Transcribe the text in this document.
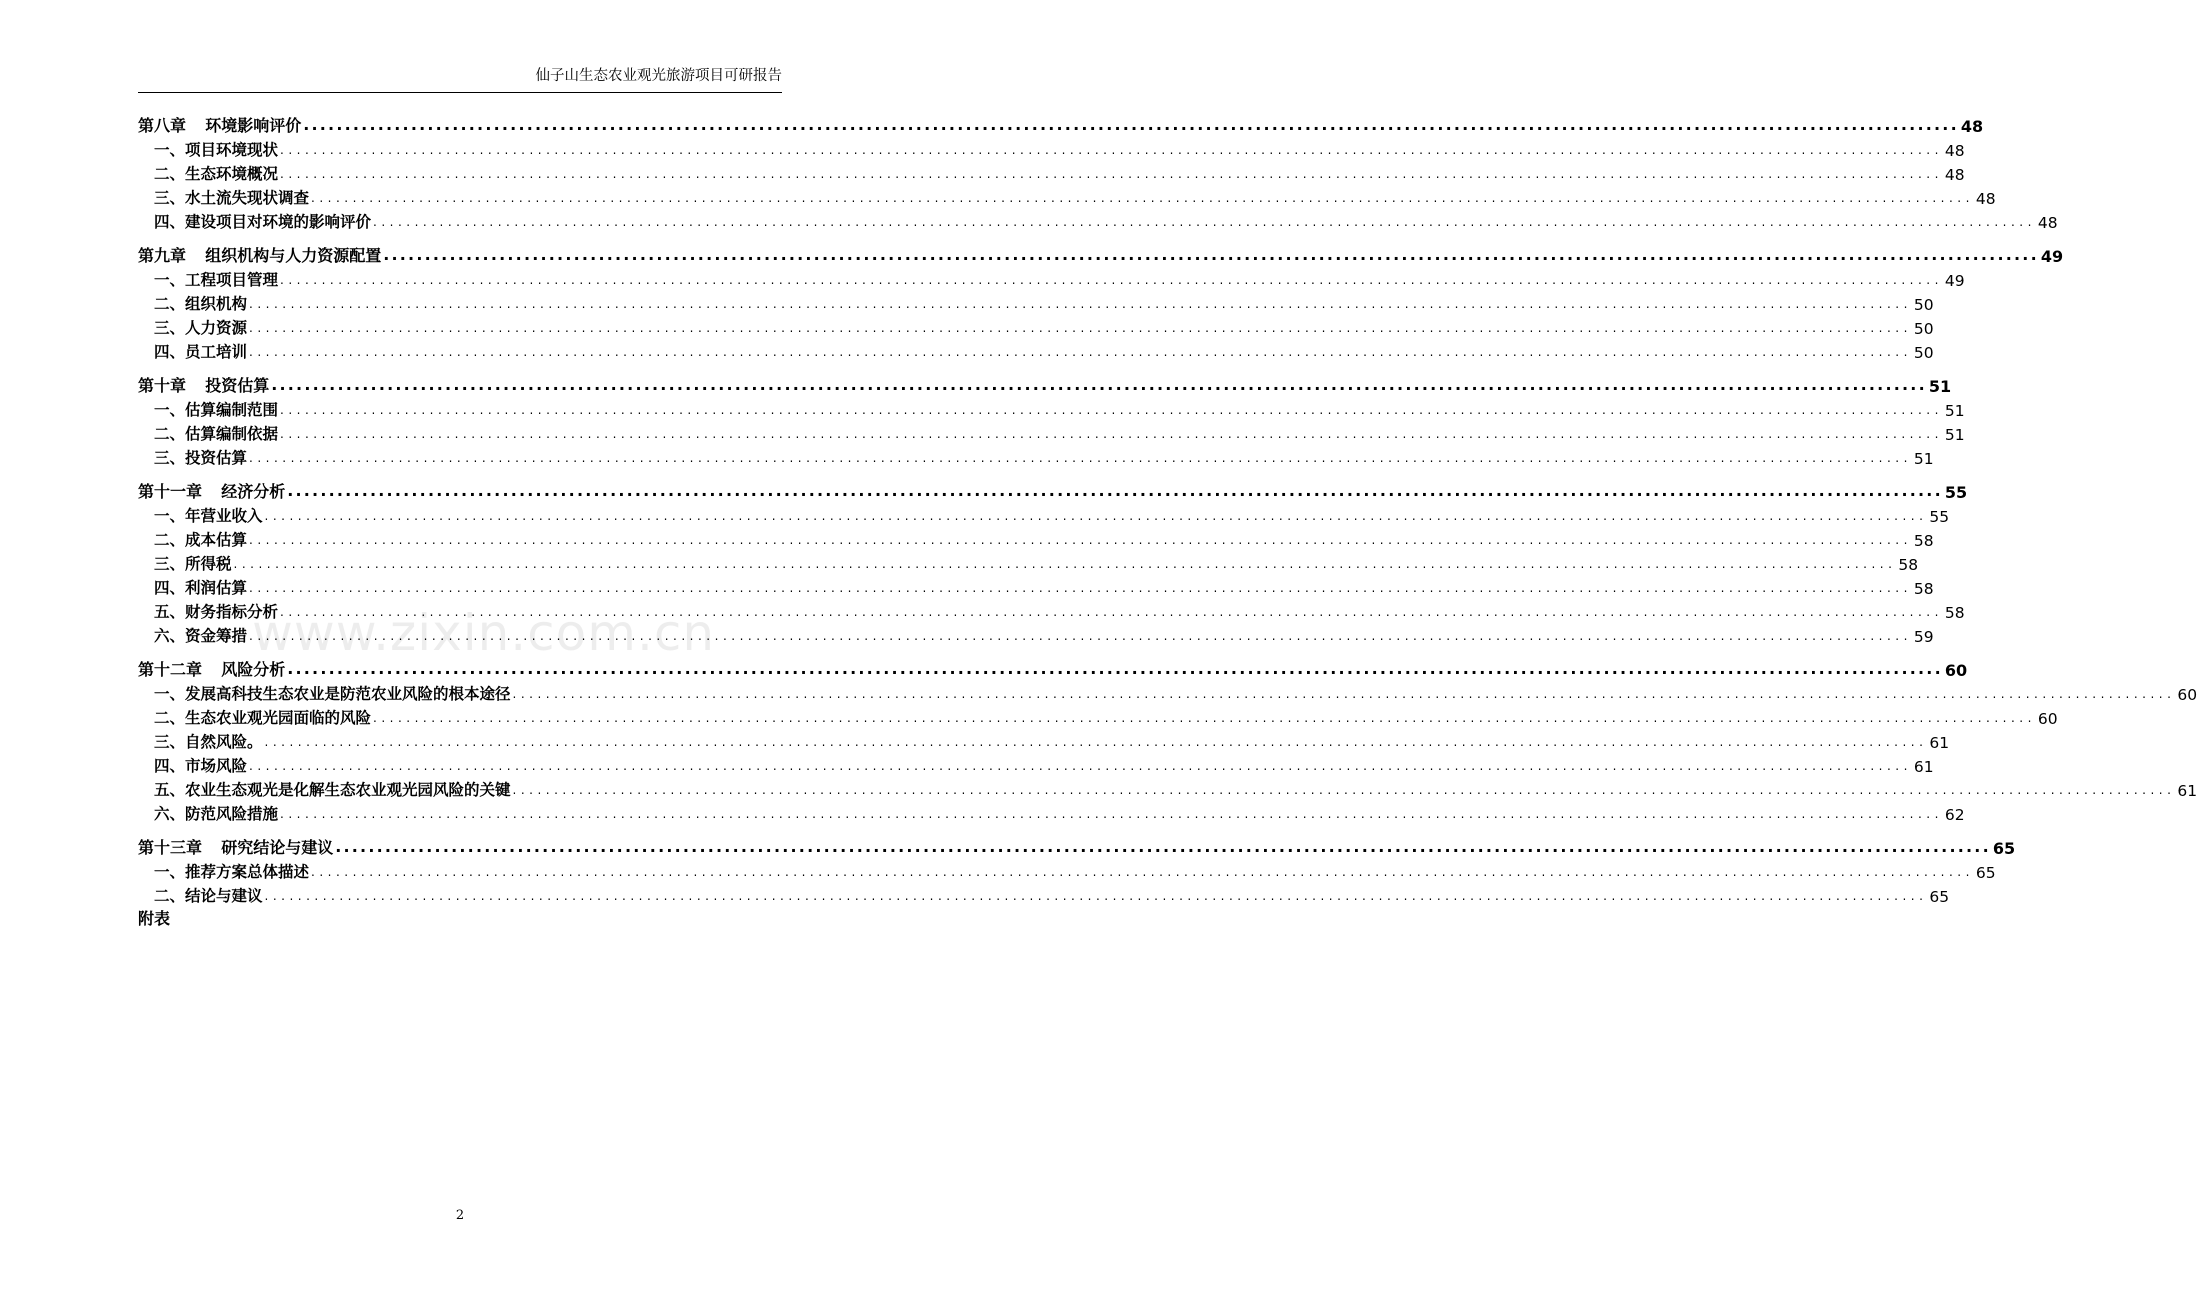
仙子山生态农业观光旅游项目可研报告
第八章 环境影响评价 ........................................................................................................................................................................................................ 48
一、项目环境现状 ........................................................................................................................................................................................................ 48
二、生态环境概况 ........................................................................................................................................................................................................ 48
三、水土流失现状调查 ........................................................................................................................................................................................................ 48
四、建设项目对环境的影响评价 ........................................................................................................................................................................................................ 48
第九章 组织机构与人力资源配置 ........................................................................................................................................................................................................ 49
一、工程项目管理 ........................................................................................................................................................................................................ 49
二、组织机构 ........................................................................................................................................................................................................ 50
三、人力资源 ........................................................................................................................................................................................................ 50
四、员工培训 ........................................................................................................................................................................................................ 50
第十章 投资估算 ........................................................................................................................................................................................................ 51
一、估算编制范围 ........................................................................................................................................................................................................ 51
二、估算编制依据 ........................................................................................................................................................................................................ 51
三、投资估算 ........................................................................................................................................................................................................ 51
第十一章 经济分析 ........................................................................................................................................................................................................ 55
一、年营业收入 ........................................................................................................................................................................................................ 55
二、成本估算 ........................................................................................................................................................................................................ 58
三、所得税 ........................................................................................................................................................................................................ 58
四、利润估算 ........................................................................................................................................................................................................ 58
五、财务指标分析 ........................................................................................................................................................................................................ 58
六、资金筹措 ........................................................................................................................................................................................................ 59
第十二章 风险分析 ........................................................................................................................................................................................................ 60
一、发展高科技生态农业是防范农业风险的根本途径 ........................................................................................................................................................................................................ 60
二、生态农业观光园面临的风险 ........................................................................................................................................................................................................ 60
三、自然风险。 ........................................................................................................................................................................................................ 61
四、市场风险 ........................................................................................................................................................................................................ 61
五、农业生态观光是化解生态农业观光园风险的关键 ........................................................................................................................................................................................................ 61
六、防范风险措施 ........................................................................................................................................................................................................ 62
第十三章 研究结论与建议 ........................................................................................................................................................................................................ 65
一、推荐方案总体描述 ........................................................................................................................................................................................................ 65
二、结论与建议 ........................................................................................................................................................................................................ 65
附表
www.zixin.com.cn
2
